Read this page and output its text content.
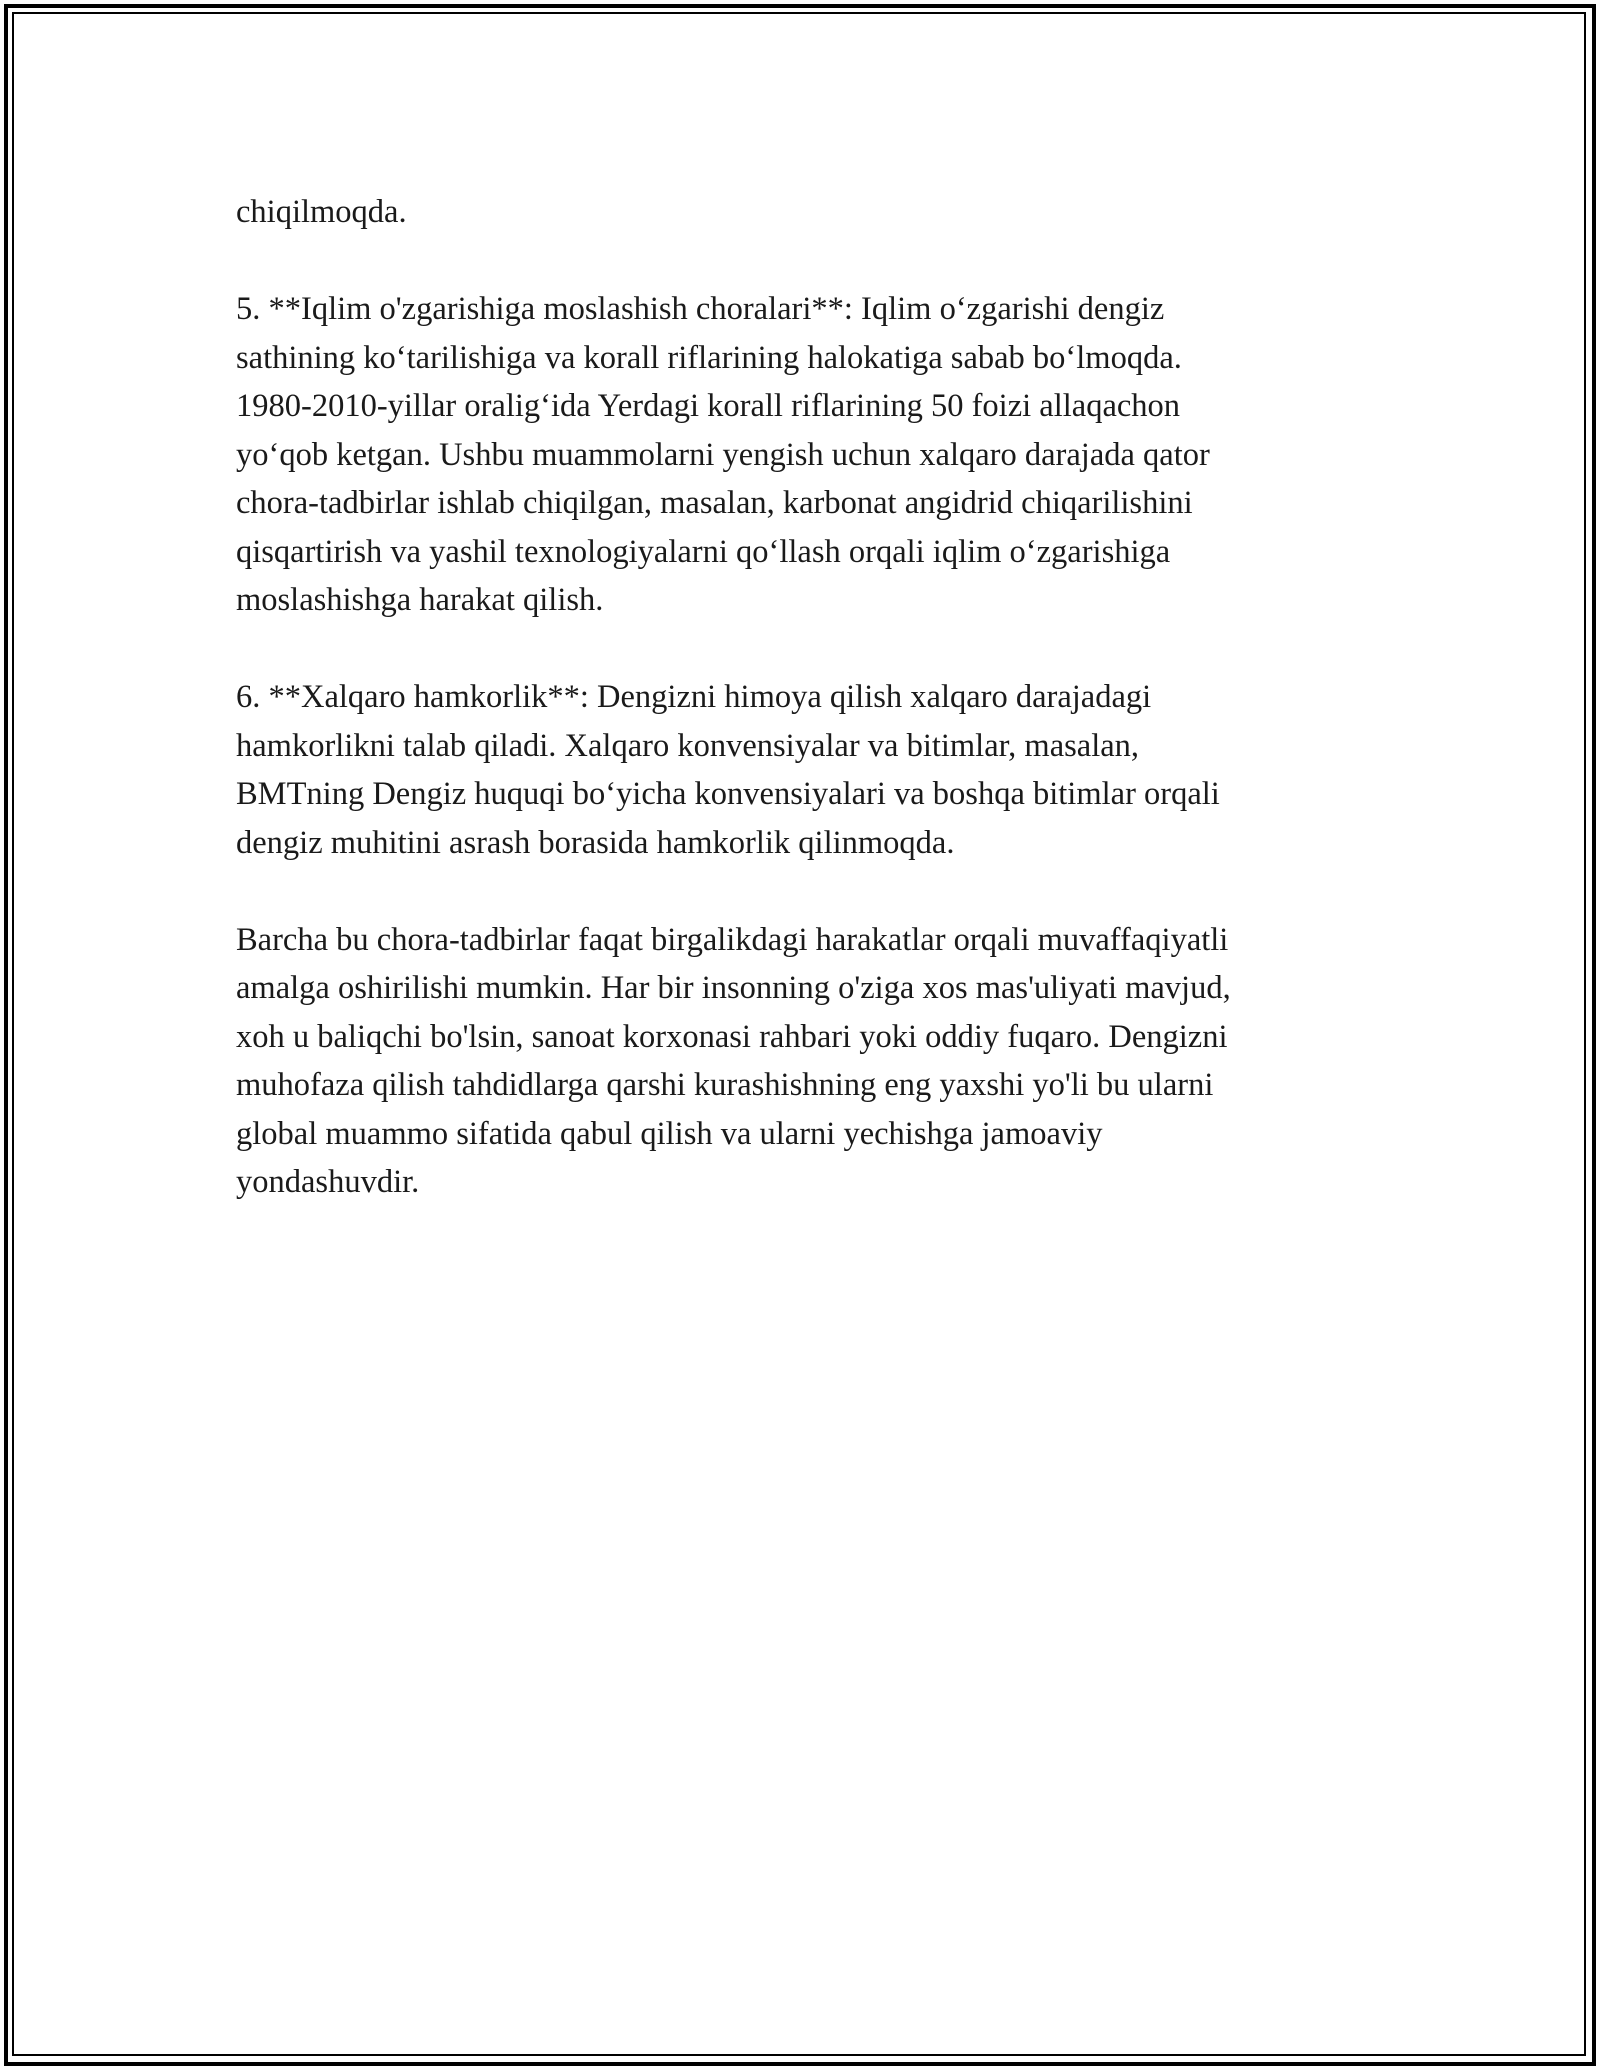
chiqilmoqda.

5. **Iqlim o'zgarishiga moslashish choralari**: Iqlim o‘zgarishi dengiz
sathining ko‘tarilishiga va korall riflarining halokatiga sabab bo‘lmoqda.
1980-2010-yillar oralig‘ida Yerdagi korall riflarining 50 foizi allaqachon
yo‘qob ketgan. Ushbu muammolarni yengish uchun xalqaro darajada qator
chora-tadbirlar ishlab chiqilgan, masalan, karbonat angidrid chiqarilishini
qisqartirish va yashil texnologiyalarni qo‘llash orqali iqlim o‘zgarishiga
moslashishga harakat qilish.

6. **Xalqaro hamkorlik**: Dengizni himoya qilish xalqaro darajadagi
hamkorlikni talab qiladi. Xalqaro konvensiyalar va bitimlar, masalan,
BMTning Dengiz huquqi bo‘yicha konvensiyalari va boshqa bitimlar orqali
dengiz muhitini asrash borasida hamkorlik qilinmoqda.

Barcha bu chora-tadbirlar faqat birgalikdagi harakatlar orqali muvaffaqiyatli
amalga oshirilishi mumkin. Har bir insonning o'ziga xos mas'uliyati mavjud,
xoh u baliqchi bo'lsin, sanoat korxonasi rahbari yoki oddiy fuqaro. Dengizni
muhofaza qilish tahdidlarga qarshi kurashishning eng yaxshi yo'li bu ularni
global muammo sifatida qabul qilish va ularni yechishga jamoaviy
yondashuvdir.
